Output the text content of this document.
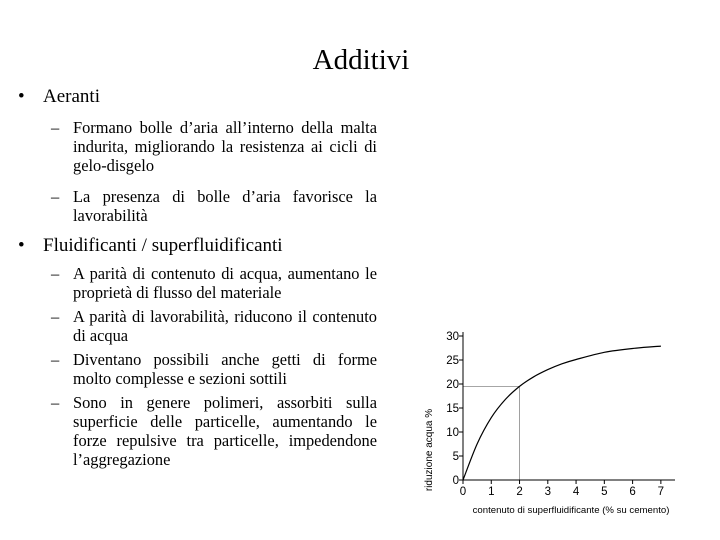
Additivi
• Aeranti
– Formano bolle d’aria all’interno della malta indurita, migliorando la resistenza ai cicli di gelo-disgelo
– La presenza di bolle d’aria favorisce la lavorabilità
• Fluidificanti / superfluidificanti
– A parità di contenuto di acqua, aumentano le proprietà di flusso del materiale
– A parità di lavorabilità, riducono il contenuto di acqua
– Diventano possibili anche getti di forme molto complesse e sezioni sottili
– Sono in genere polimeri, assorbiti sulla superficie delle particelle, aumentando le forze repulsive tra particelle, impedendone l’aggregazione
0
5
10
15
20
25
30
0 1 2 3 4 5 6 7
riduzione acqua %
contenuto di superfluidificante (% su cemento)
